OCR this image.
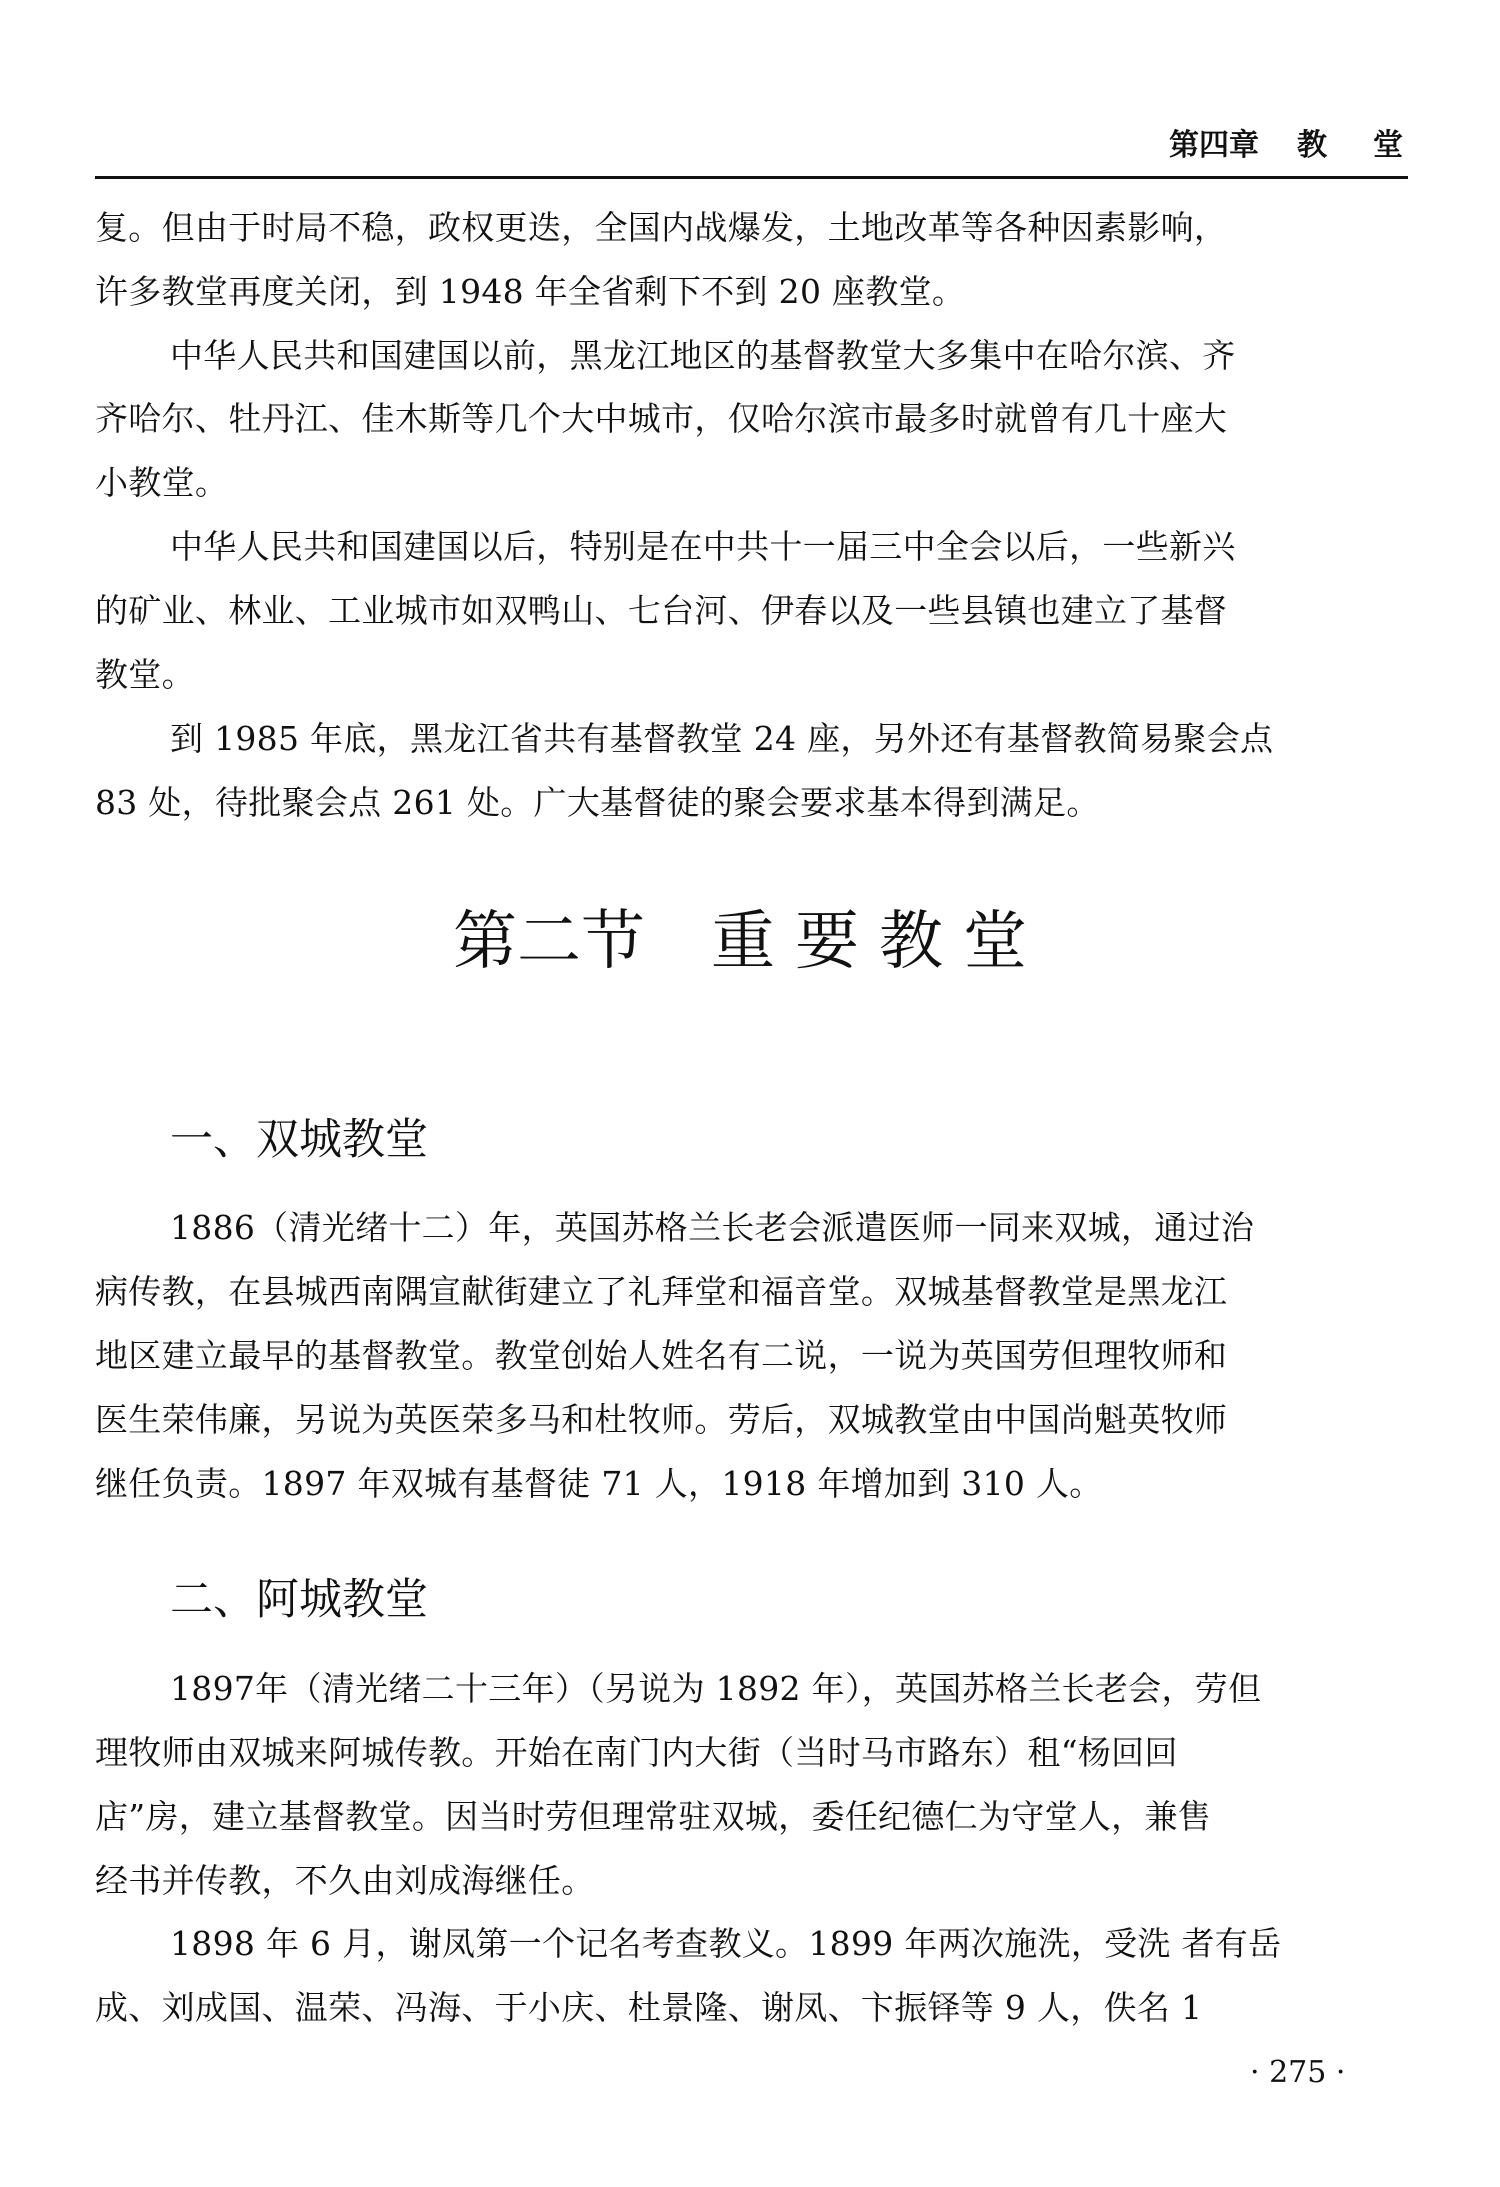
第四章 教 堂
复。但由于时局不稳，政权更迭，全国内战爆发，土地改革等各种因素影响，
许多教堂再度关闭，到 1948 年全省剩下不到 20 座教堂。
中华人民共和国建国以前，黑龙江地区的基督教堂大多集中在哈尔滨、齐
齐哈尔、牡丹江、佳木斯等几个大中城市，仅哈尔滨市最多时就曾有几十座大
小教堂。
中华人民共和国建国以后，特别是在中共十一届三中全会以后，一些新兴
的矿业、林业、工业城市如双鸭山、七台河、伊春以及一些县镇也建立了基督
教堂。
到 1985 年底，黑龙江省共有基督教堂 24 座，另外还有基督教简易聚会点
83 处，待批聚会点 261 处。广大基督徒的聚会要求基本得到满足。
第二节 重要教堂
一、双城教堂
1886（清光绪十二）年，英国苏格兰长老会派遣医师一同来双城，通过治
病传教，在县城西南隅宣献街建立了礼拜堂和福音堂。双城基督教堂是黑龙江
地区建立最早的基督教堂。教堂创始人姓名有二说，一说为英国劳但理牧师和
医生荣伟廉，另说为英医荣多马和杜牧师。劳后，双城教堂由中国尚魁英牧师
继任负责。1897 年双城有基督徒 71 人，1918 年增加到 310 人。
二、阿城教堂
1897年（清光绪二十三年）（另说为 1892 年），英国苏格兰长老会，劳但
理牧师由双城来阿城传教。开始在南门内大街（当时马市路东）租“杨回回
店”房，建立基督教堂。因当时劳但理常驻双城，委任纪德仁为守堂人，兼售
经书并传教，不久由刘成海继任。
1898 年 6 月，谢凤第一个记名考查教义。1899 年两次施洗，受洗 者有岳
成、刘成国、温荣、冯海、于小庆、杜景隆、谢凤、卞振铎等 9 人，佚名 1
· 275 ·
